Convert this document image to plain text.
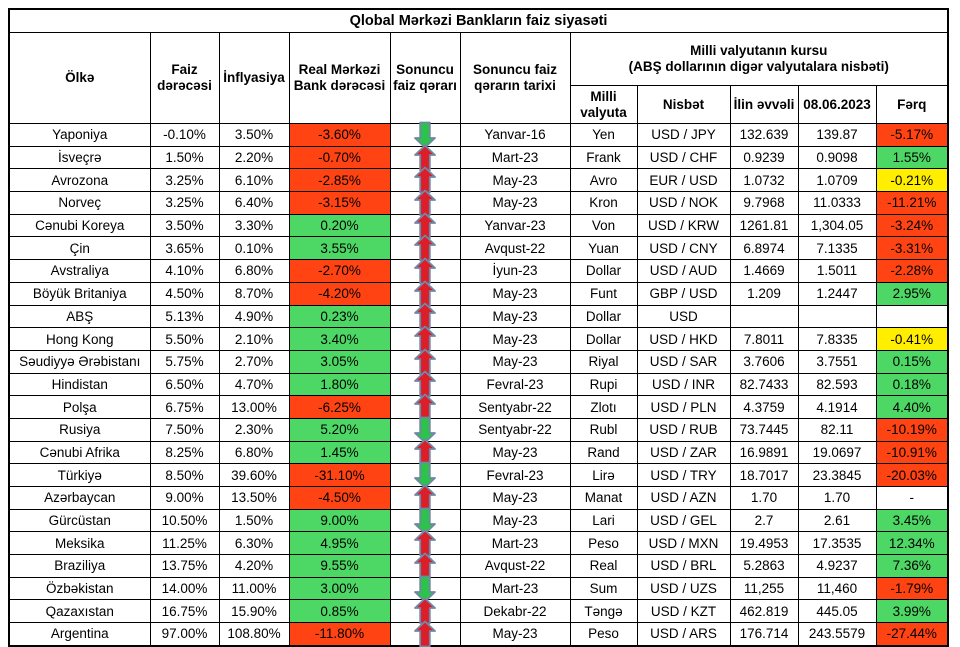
Qlobal Mərkəzi Bankların faiz siyasəti										
Ölkə	Faiz dərəcəsi	İnflyasiya	Real Mərkəzi Bank dərəcəsi	Sonuncu faiz qərarı	Sonuncu faiz qərarın tarixi	Milli valyutanın kursu
(ABŞ dollarının digər valyutalara nisbəti)				

						Milli valyuta	Nisbət	İlin əvvəli	08.06.2023	Fərq
Yaponiya	-0.10%	3.50%	-3.60%		Yanvar-16	Yen	USD / JPY	132.639	139.87	-5.17%
İsveçrə	1.50%	2.20%	-0.70%		Mart-23	Frank	USD / CHF	0.9239	0.9098	1.55%
Avrozona	3.25%	6.10%	-2.85%		May-23	Avro	EUR / USD	1.0732	1.0709	-0.21%
Norveç	3.25%	6.40%	-3.15%		May-23	Kron	USD / NOK	9.7968	11.0333	-11.21%
Cənubi Koreya	3.50%	3.30%	0.20%		Yanvar-23	Von	USD / KRW	1261.81	1,304.05	-3.24%
Çin	3.65%	0.10%	3.55%		Avqust-22	Yuan	USD / CNY	6.8974	7.1335	-3.31%
Avstraliya	4.10%	6.80%	-2.70%		İyun-23	Dollar	USD / AUD	1.4669	1.5011	-2.28%
Böyük Britaniya	4.50%	8.70%	-4.20%		May-23	Funt	GBP / USD	1.209	1.2447	2.95%
ABŞ	5.13%	4.90%	0.23%		May-23	Dollar	USD			
Hong Kong	5.50%	2.10%	3.40%		May-23	Dollar	USD / HKD	7.8011	7.8335	-0.41%
Səudiyyə Ərəbistanı	5.75%	2.70%	3.05%		May-23	Riyal	USD / SAR	3.7606	3.7551	0.15%
Hindistan	6.50%	4.70%	1.80%		Fevral-23	Rupi	USD / INR	82.7433	82.593	0.18%
Polşa	6.75%	13.00%	-6.25%		Sentyabr-22	Zlotı	USD / PLN	4.3759	4.1914	4.40%
Rusiya	7.50%	2.30%	5.20%		Sentyabr-22	Rubl	USD / RUB	73.7445	82.11	-10.19%
Cənubi Afrika	8.25%	6.80%	1.45%		May-23	Rand	USD / ZAR	16.9891	19.0697	-10.91%
Türkiyə	8.50%	39.60%	-31.10%		Fevral-23	Lirə	USD / TRY	18.7017	23.3845	-20.03%
Azərbaycan	9.00%	13.50%	-4.50%		May-23	Manat	USD / AZN	1.70	1.70	-
Gürcüstan	10.50%	1.50%	9.00%		May-23	Lari	USD / GEL	2.7	2.61	3.45%
Meksika	11.25%	6.30%	4.95%		Mart-23	Peso	USD / MXN	19.4953	17.3535	12.34%
Braziliya	13.75%	4.20%	9.55%		Avqust-22	Real	USD / BRL	5.2863	4.9237	7.36%
Özbəkistan	14.00%	11.00%	3.00%		Mart-23	Sum	USD / UZS	11,255	11,460	-1.79%
Qazaxıstan	16.75%	15.90%	0.85%		Dekabr-22	Təngə	USD / KZT	462.819	445.05	3.99%
Argentina	97.00%	108.80%	-11.80%		May-23	Peso	USD / ARS	176.714	243.5579	-27.44%
